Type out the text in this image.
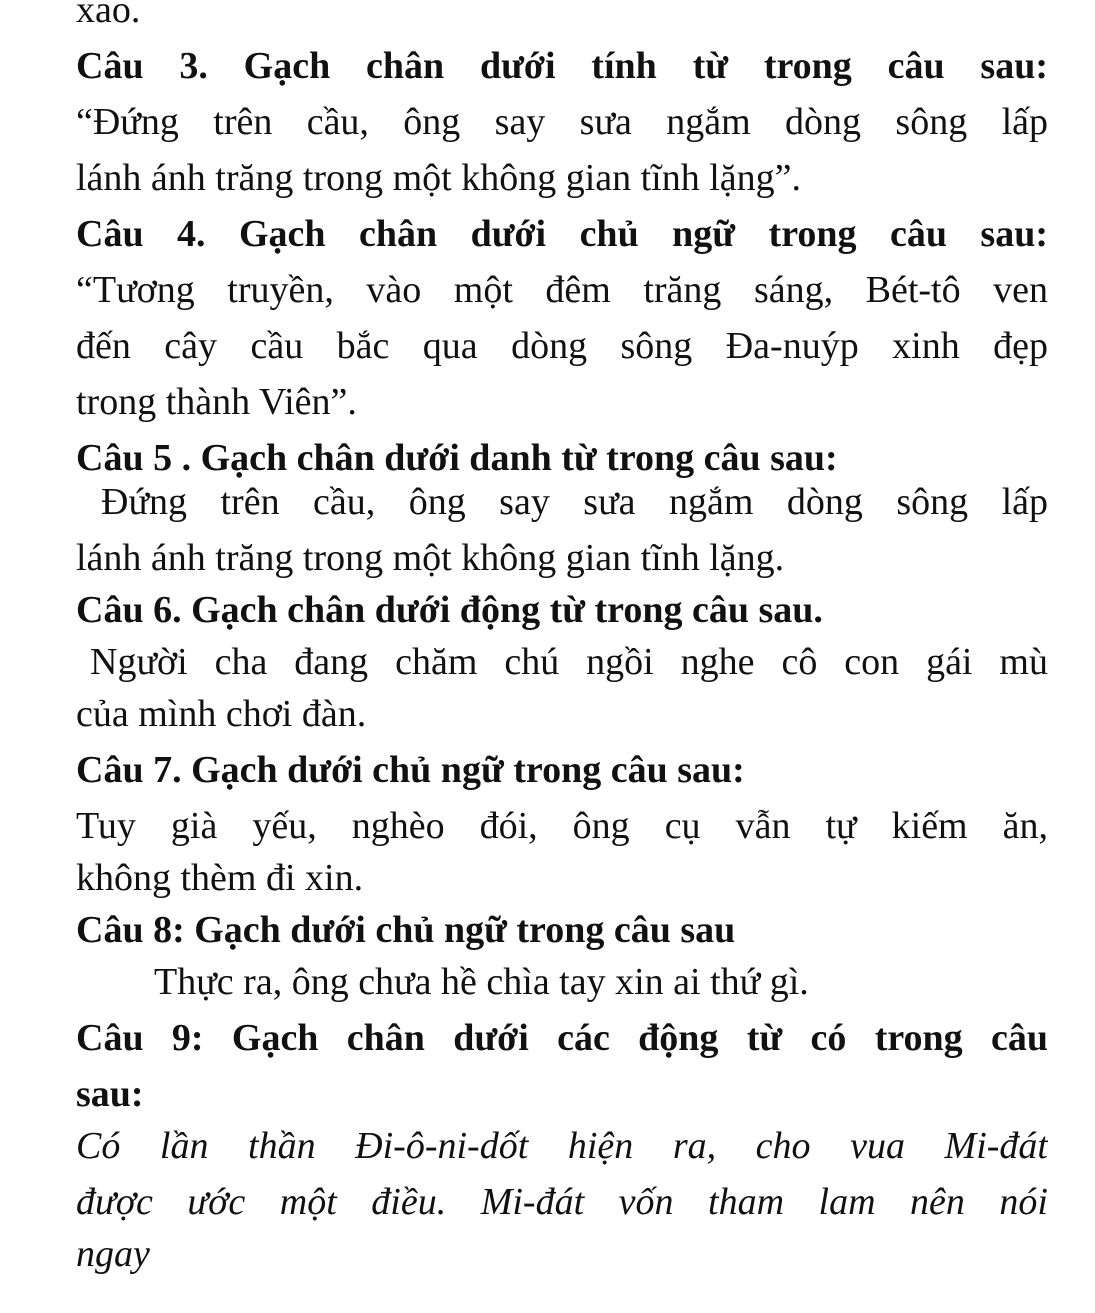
xao.

Câu 3. Gạch chân dưới tính từ trong câu sau:

“Đứng trên cầu, ông say sưa ngắm dòng sông lấp

lánh ánh trăng trong một không gian tĩnh lặng”.

Câu 4. Gạch chân dưới chủ ngữ trong câu sau:

“Tương truyền, vào một đêm trăng sáng, Bét-tô ven

đến cây cầu bắc qua dòng sông Đa-nuýp xinh đẹp

trong thành Viên”.

Câu 5 . Gạch chân dưới danh từ trong câu sau:

Đứng trên cầu, ông say sưa ngắm dòng sông lấp

lánh ánh trăng trong một không gian tĩnh lặng.

Câu 6. Gạch chân dưới động từ trong câu sau.

Người cha đang chăm chú ngồi nghe cô con gái mù

của mình chơi đàn.

Câu 7. Gạch dưới chủ ngữ trong câu sau:

Tuy già yếu, nghèo đói, ông cụ vẫn tự kiếm ăn,

không thèm đi xin.

Câu 8: Gạch dưới chủ ngữ trong câu sau

Thực ra, ông chưa hề chìa tay xin ai thứ gì.

Câu 9: Gạch chân dưới các động từ có trong câu

sau:

Có lần thần Đi-ô-ni-dốt hiện ra, cho vua Mi-đát

được ước một điều. Mi-đát vốn tham lam nên nói

ngay
